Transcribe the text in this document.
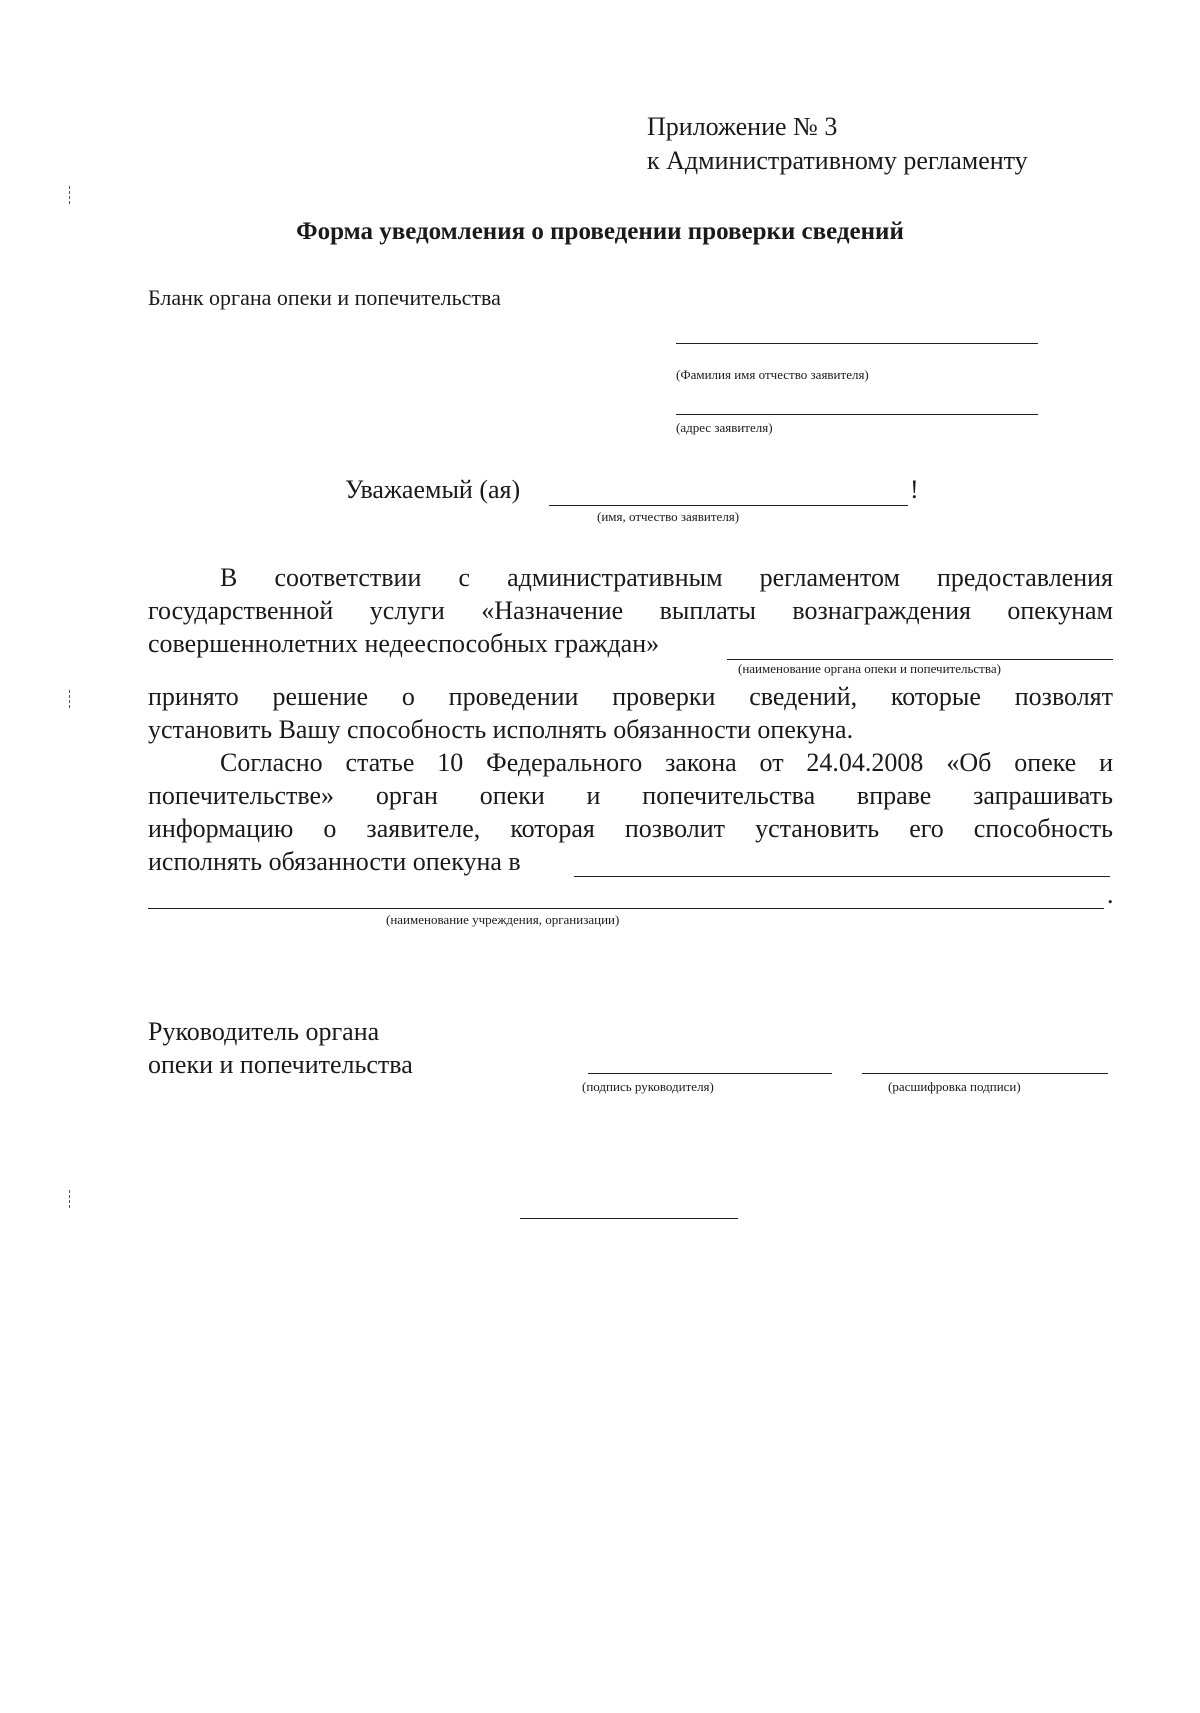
Приложение № 3
к Административному регламенту
Форма уведомления о проведении проверки сведений
Бланк органа опеки и попечительства
(Фамилия имя отчество заявителя)
(адрес заявителя)
Уважаемый (ая)	!
(имя, отчество заявителя)
В соответствии с административным регламентом предоставления
государственной услуги «Назначение выплаты вознаграждения опекунам
совершеннолетних недееспособных граждан»
(наименование органа опеки и попечительства)
принято решение о проведении проверки сведений, которые позволят
установить Вашу способность исполнять обязанности опекуна.
Согласно статье 10 Федерального закона от 24.04.2008 «Об опеке и
попечительстве» орган опеки и попечительства вправе запрашивать
информацию о заявителе, которая позволит установить его способность
исполнять обязанности опекуна в
.
(наименование учреждения, организации)
Руководитель органа
опеки и попечительства
(подпись руководителя)	(расшифровка подписи)
